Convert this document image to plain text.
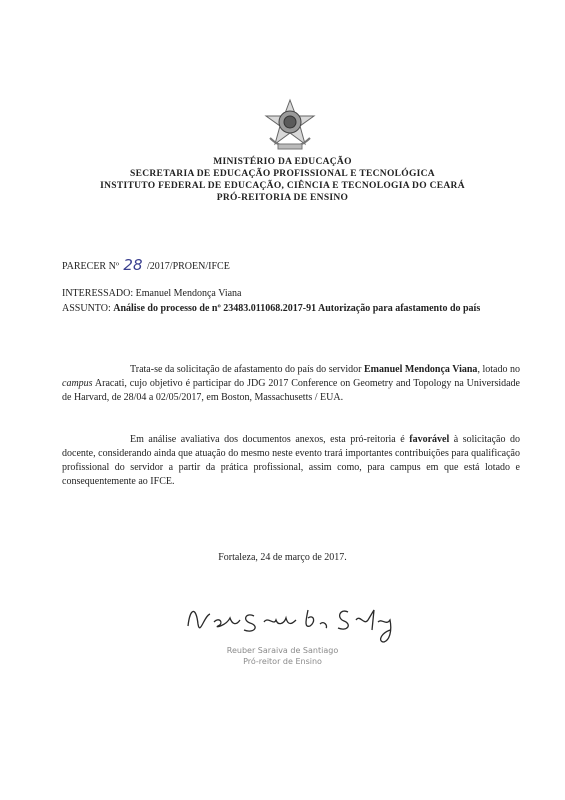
MINISTÉRIO DA EDUCAÇÃO
SECRETARIA DE EDUCAÇÃO PROFISSIONAL E TECNOLÓGICA
INSTITUTO FEDERAL DE EDUCAÇÃO, CIÊNCIA E TECNOLOGIA DO CEARÁ
PRÓ-REITORIA DE ENSINO
PARECER Nº 28 /2017/PROEN/IFCE
INTERESSADO: Emanuel Mendonça Viana
ASSUNTO: Análise do processo de nº 23483.011068.2017-91 Autorização para afastamento do país
Trata-se da solicitação de afastamento do país do servidor Emanuel Mendonça Viana, lotado no campus Aracati, cujo objetivo é participar do JDG 2017 Conference on Geometry and Topology na Universidade de Harvard, de 28/04 a 02/05/2017, em Boston, Massachusetts / EUA.
Em análise avaliativa dos documentos anexos, esta pró-reitoria é favorável à solicitação do docente, considerando ainda que atuação do mesmo neste evento trará importantes contribuições para qualificação profissional do servidor a partir da prática profissional, assim como, para campus em que está lotado e consequentemente ao IFCE.
Fortaleza, 24 de março de 2017.
Reuber Saraiva de Santiago
Pró-reitor de Ensino
